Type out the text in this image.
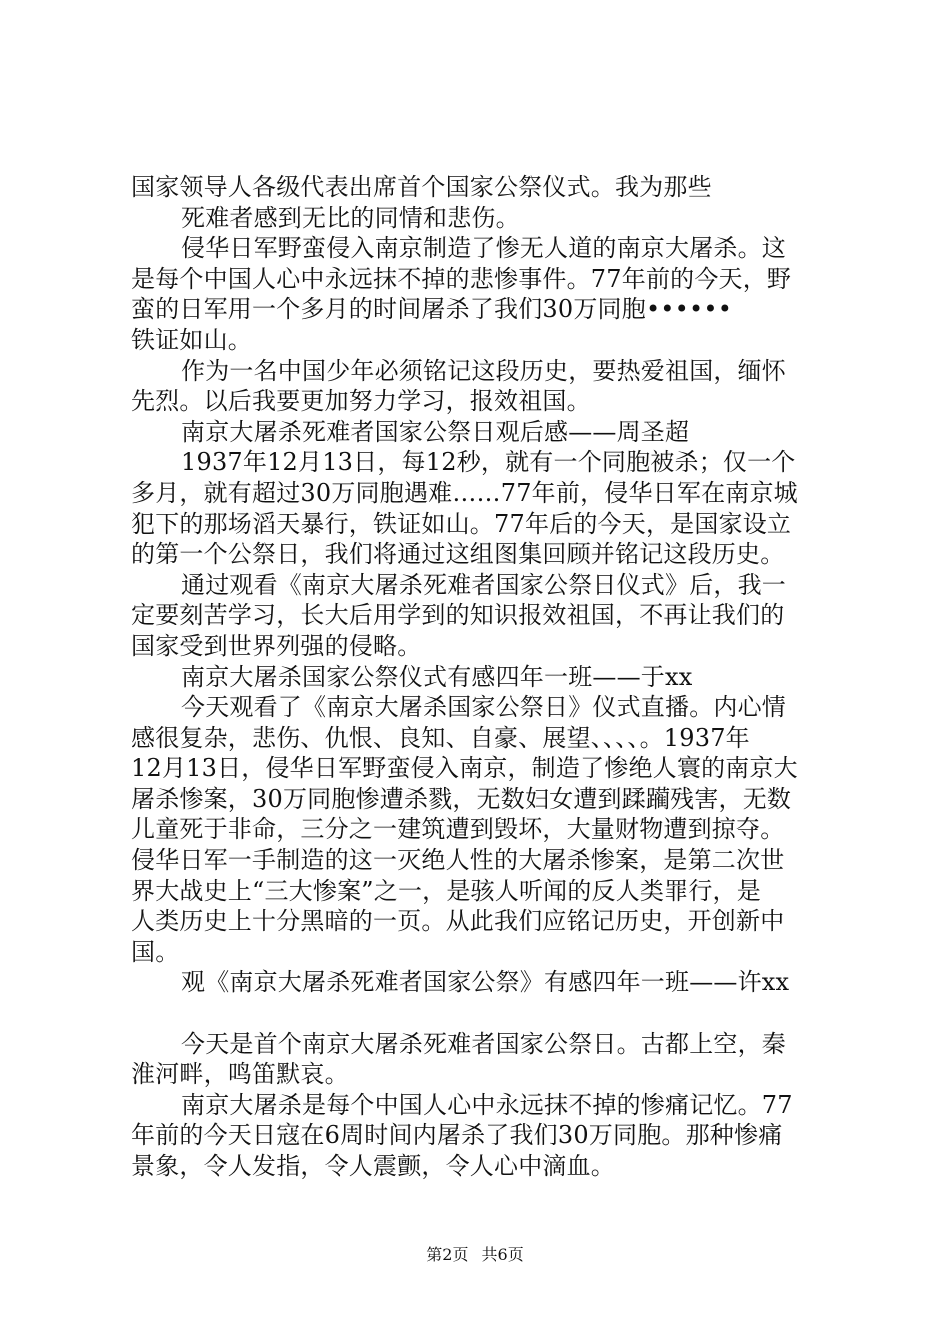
国家领导人各级代表出席首个国家公祭仪式。我为那些
死难者感到无比的同情和悲伤。
侵华日军野蛮侵入南京制造了惨无人道的南京大屠杀。这
是每个中国人心中永远抹不掉的悲惨事件。77年前的今天，野
蛮的日军用一个多月的时间屠杀了我们30万同胞••••••
铁证如山。
作为一名中国少年必须铭记这段历史，要热爱祖国，缅怀
先烈。以后我要更加努力学习，报效祖国。
南京大屠杀死难者国家公祭日观后感——周圣超
1937年12月13日，每12秒，就有一个同胞被杀；仅一个
多月，就有超过30万同胞遇难……77年前，侵华日军在南京城
犯下的那场滔天暴行，铁证如山。77年后的今天，是国家设立
的第一个公祭日，我们将通过这组图集回顾并铭记这段历史。
通过观看《南京大屠杀死难者国家公祭日仪式》后，我一
定要刻苦学习，长大后用学到的知识报效祖国，不再让我们的
国家受到世界列强的侵略。
南京大屠杀国家公祭仪式有感四年一班——于xx
今天观看了《南京大屠杀国家公祭日》仪式直播。内心情
感很复杂，悲伤、仇恨、良知、自豪、展望、、、、。1937年
12月13日，侵华日军野蛮侵入南京，制造了惨绝人寰的南京大
屠杀惨案，30万同胞惨遭杀戮，无数妇女遭到蹂躏残害，无数
儿童死于非命，三分之一建筑遭到毁坏，大量财物遭到掠夺。
侵华日军一手制造的这一灭绝人性的大屠杀惨案，是第二次世
界大战史上“三大惨案”之一，是骇人听闻的反人类罪行，是
人类历史上十分黑暗的一页。从此我们应铭记历史，开创新中
国。
观《南京大屠杀死难者国家公祭》有感四年一班——许xx
今天是首个南京大屠杀死难者国家公祭日。古都上空，秦
淮河畔，鸣笛默哀。
南京大屠杀是每个中国人心中永远抹不掉的惨痛记忆。77
年前的今天日寇在6周时间内屠杀了我们30万同胞。那种惨痛
景象，令人发指，令人震颤，令人心中滴血。
第2页 共6页
